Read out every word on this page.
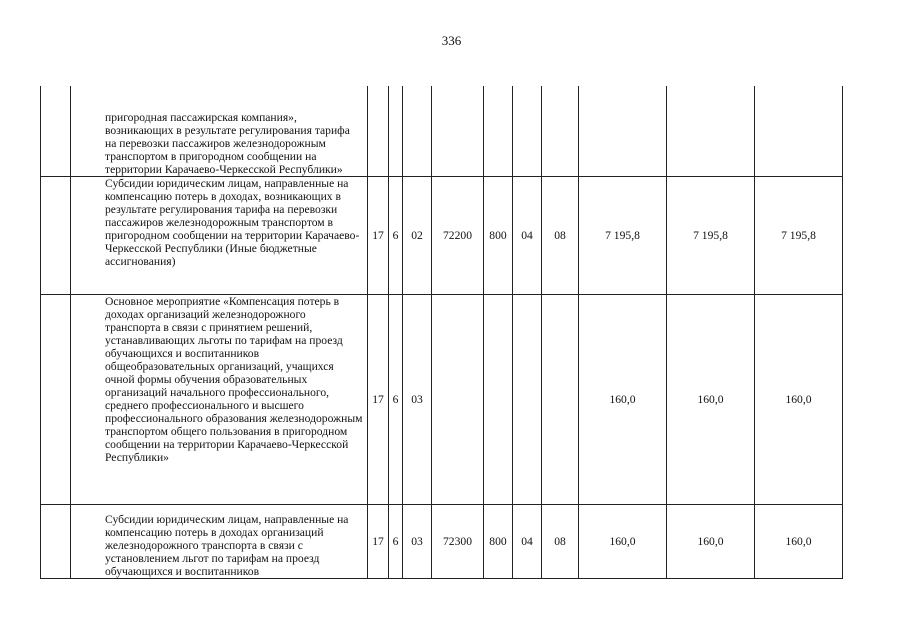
336
	пригородная пассажирская компания», возникающих в результате регулирования тарифа на перевозки пассажиров железнодорожным транспортом в пригородном сообщении на территории Карачаево-Черкесской Республики»										
	Субсидии юридическим лицам, направленные на компенсацию потерь в доходах, возникающих в результате регулирования тарифа на перевозки пассажиров железнодорожным транспортом в пригородном сообщении на территории Карачаево-Черкесской Республики (Иные бюджетные ассигнования)	17	6	02	72200	800	04	08	7 195,8	7 195,8	7 195,8
	Основное мероприятие «Компенсация потерь в доходах организаций железнодорожного транспорта в связи с принятием решений, устанавливающих льготы по тарифам на проезд обучающихся и воспитанников общеобразовательных организаций, учащихся очной формы обучения образовательных организаций начального профессионального, среднего профессионального и высшего профессионального образования железнодорожным транспортом общего пользования в пригородном сообщении на территории Карачаево-Черкесской Республики»	17	6	03					160,0	160,0	160,0
	Субсидии юридическим лицам, направленные на компенсацию потерь в доходах организаций железнодорожного транспорта в связи с установлением льгот по тарифам на проезд обучающихся и воспитанников	17	6	03	72300	800	04	08	160,0	160,0	160,0
